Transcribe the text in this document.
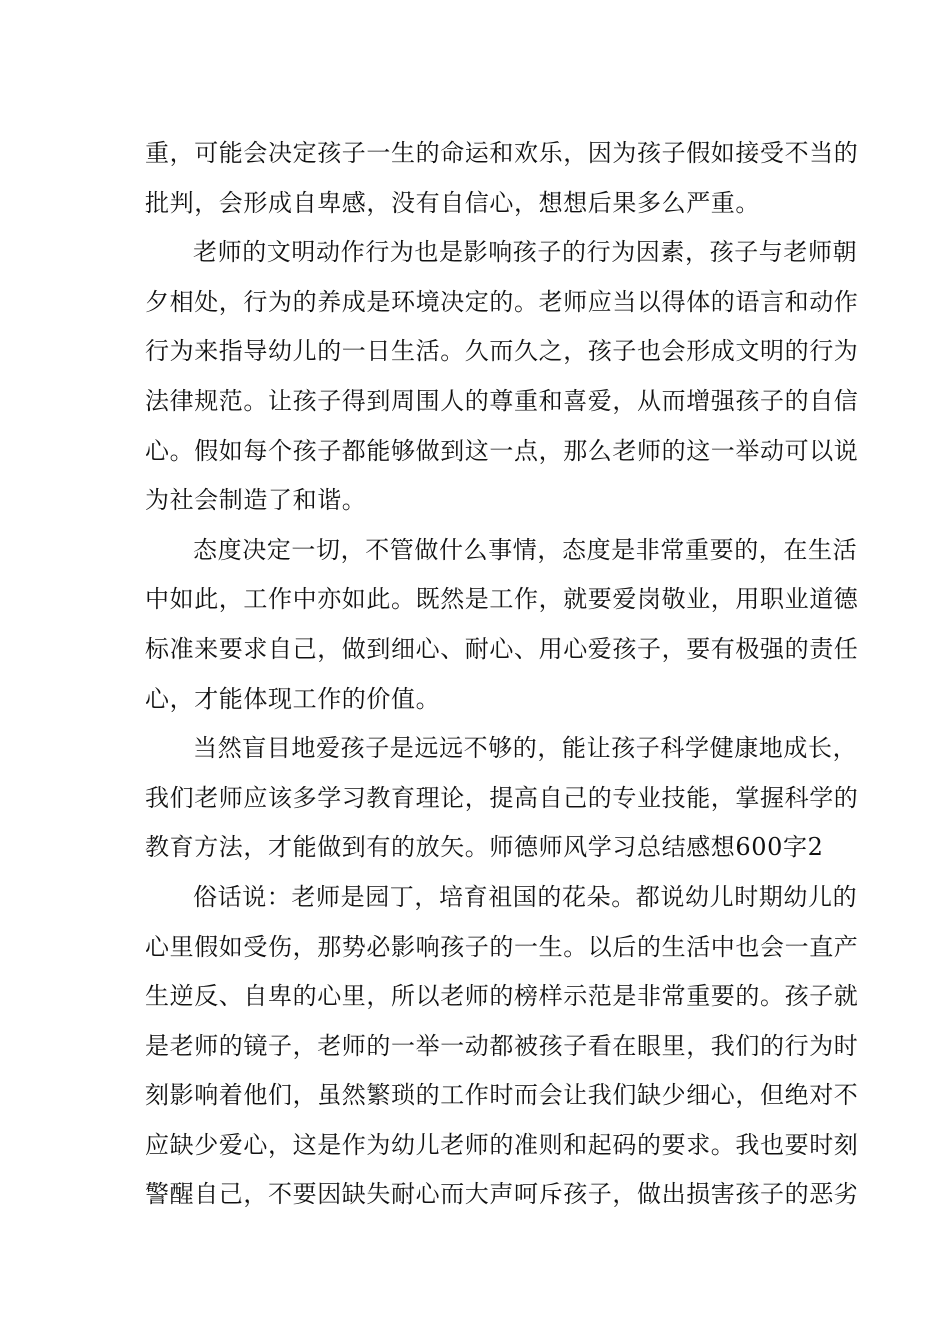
重，可能会决定孩子一生的命运和欢乐，因为孩子假如接受不当的
批判，会形成自卑感，没有自信心，想想后果多么严重。
老师的文明动作行为也是影响孩子的行为因素，孩子与老师朝
夕相处，行为的养成是环境决定的。老师应当以得体的语言和动作
行为来指导幼儿的一日生活。久而久之，孩子也会形成文明的行为
法律规范。让孩子得到周围人的尊重和喜爱，从而增强孩子的自信
心。假如每个孩子都能够做到这一点，那么老师的这一举动可以说
为社会制造了和谐。
态度决定一切，不管做什么事情，态度是非常重要的，在生活
中如此，工作中亦如此。既然是工作，就要爱岗敬业，用职业道德
标准来要求自己，做到细心、耐心、用心爱孩子，要有极强的责任
心，才能体现工作的价值。
当然盲目地爱孩子是远远不够的，能让孩子科学健康地成长，
我们老师应该多学习教育理论，提高自己的专业技能，掌握科学的
教育方法，才能做到有的放矢。师德师风学习总结感想600字2
俗话说：老师是园丁，培育祖国的花朵。都说幼儿时期幼儿的
心里假如受伤，那势必影响孩子的一生。以后的生活中也会一直产
生逆反、自卑的心里，所以老师的榜样示范是非常重要的。孩子就
是老师的镜子，老师的一举一动都被孩子看在眼里，我们的行为时
刻影响着他们，虽然繁琐的工作时而会让我们缺少细心，但绝对不
应缺少爱心，这是作为幼儿老师的准则和起码的要求。我也要时刻
警醒自己，不要因缺失耐心而大声呵斥孩子，做出损害孩子的恶劣
